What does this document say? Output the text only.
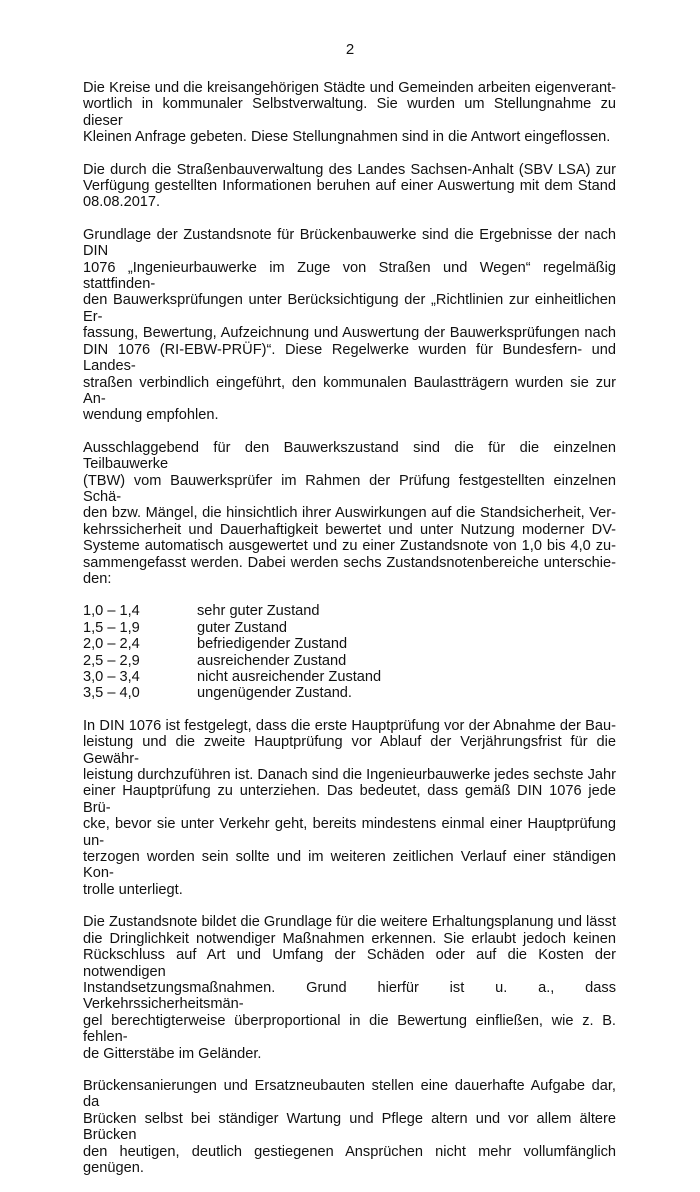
2

Die Kreise und die kreisangehörigen Städte und Gemeinden arbeiten eigenverant-
wortlich in kommunaler Selbstverwaltung. Sie wurden um Stellungnahme zu dieser
Kleinen Anfrage gebeten. Diese Stellungnahmen sind in die Antwort eingeflossen.

Die durch die Straßenbauverwaltung des Landes Sachsen-Anhalt (SBV LSA) zur
Verfügung gestellten Informationen beruhen auf einer Auswertung mit dem Stand
08.08.2017.

Grundlage der Zustandsnote für Brückenbauwerke sind die Ergebnisse der nach DIN
1076 „Ingenieurbauwerke im Zuge von Straßen und Wegen“ regelmäßig stattfinden-
den Bauwerksprüfungen unter Berücksichtigung der „Richtlinien zur einheitlichen Er-
fassung, Bewertung, Aufzeichnung und Auswertung der Bauwerksprüfungen nach
DIN 1076 (RI-EBW-PRÜF)“. Diese Regelwerke wurden für Bundesfern- und Landes-
straßen verbindlich eingeführt, den kommunalen Baulastträgern wurden sie zur An-
wendung empfohlen.

Ausschlaggebend für den Bauwerkszustand sind die für die einzelnen Teilbauwerke
(TBW) vom Bauwerksprüfer im Rahmen der Prüfung festgestellten einzelnen Schä-
den bzw. Mängel, die hinsichtlich ihrer Auswirkungen auf die Standsicherheit, Ver-
kehrssicherheit und Dauerhaftigkeit bewertet und unter Nutzung moderner DV-
Systeme automatisch ausgewertet und zu einer Zustandsnote von 1,0 bis 4,0 zu-
sammengefasst werden. Dabei werden sechs Zustandsnotenbereiche unterschie-
den:

1,0 – 1,4	sehr guter Zustand
1,5 – 1,9	guter Zustand
2,0 – 2,4	befriedigender Zustand
2,5 – 2,9	ausreichender Zustand
3,0 – 3,4	nicht ausreichender Zustand
3,5 – 4,0	ungenügender Zustand.

In DIN 1076 ist festgelegt, dass die erste Hauptprüfung vor der Abnahme der Bau-
leistung und die zweite Hauptprüfung vor Ablauf der Verjährungsfrist für die Gewähr-
leistung durchzuführen ist. Danach sind die Ingenieurbauwerke jedes sechste Jahr
einer Hauptprüfung zu unterziehen. Das bedeutet, dass gemäß DIN 1076 jede Brü-
cke, bevor sie unter Verkehr geht, bereits mindestens einmal einer Hauptprüfung un-
terzogen worden sein sollte und im weiteren zeitlichen Verlauf einer ständigen Kon-
trolle unterliegt.

Die Zustandsnote bildet die Grundlage für die weitere Erhaltungsplanung und lässt
die Dringlichkeit notwendiger Maßnahmen erkennen. Sie erlaubt jedoch keinen
Rückschluss auf Art und Umfang der Schäden oder auf die Kosten der notwendigen
Instandsetzungsmaßnahmen. Grund hierfür ist u. a., dass Verkehrssicherheitsmän-
gel berechtigterweise überproportional in die Bewertung einfließen, wie z. B. fehlen-
de Gitterstäbe im Geländer.

Brückensanierungen und Ersatzneubauten stellen eine dauerhafte Aufgabe dar, da
Brücken selbst bei ständiger Wartung und Pflege altern und vor allem ältere Brücken
den heutigen, deutlich gestiegenen Ansprüchen nicht mehr vollumfänglich genügen.
